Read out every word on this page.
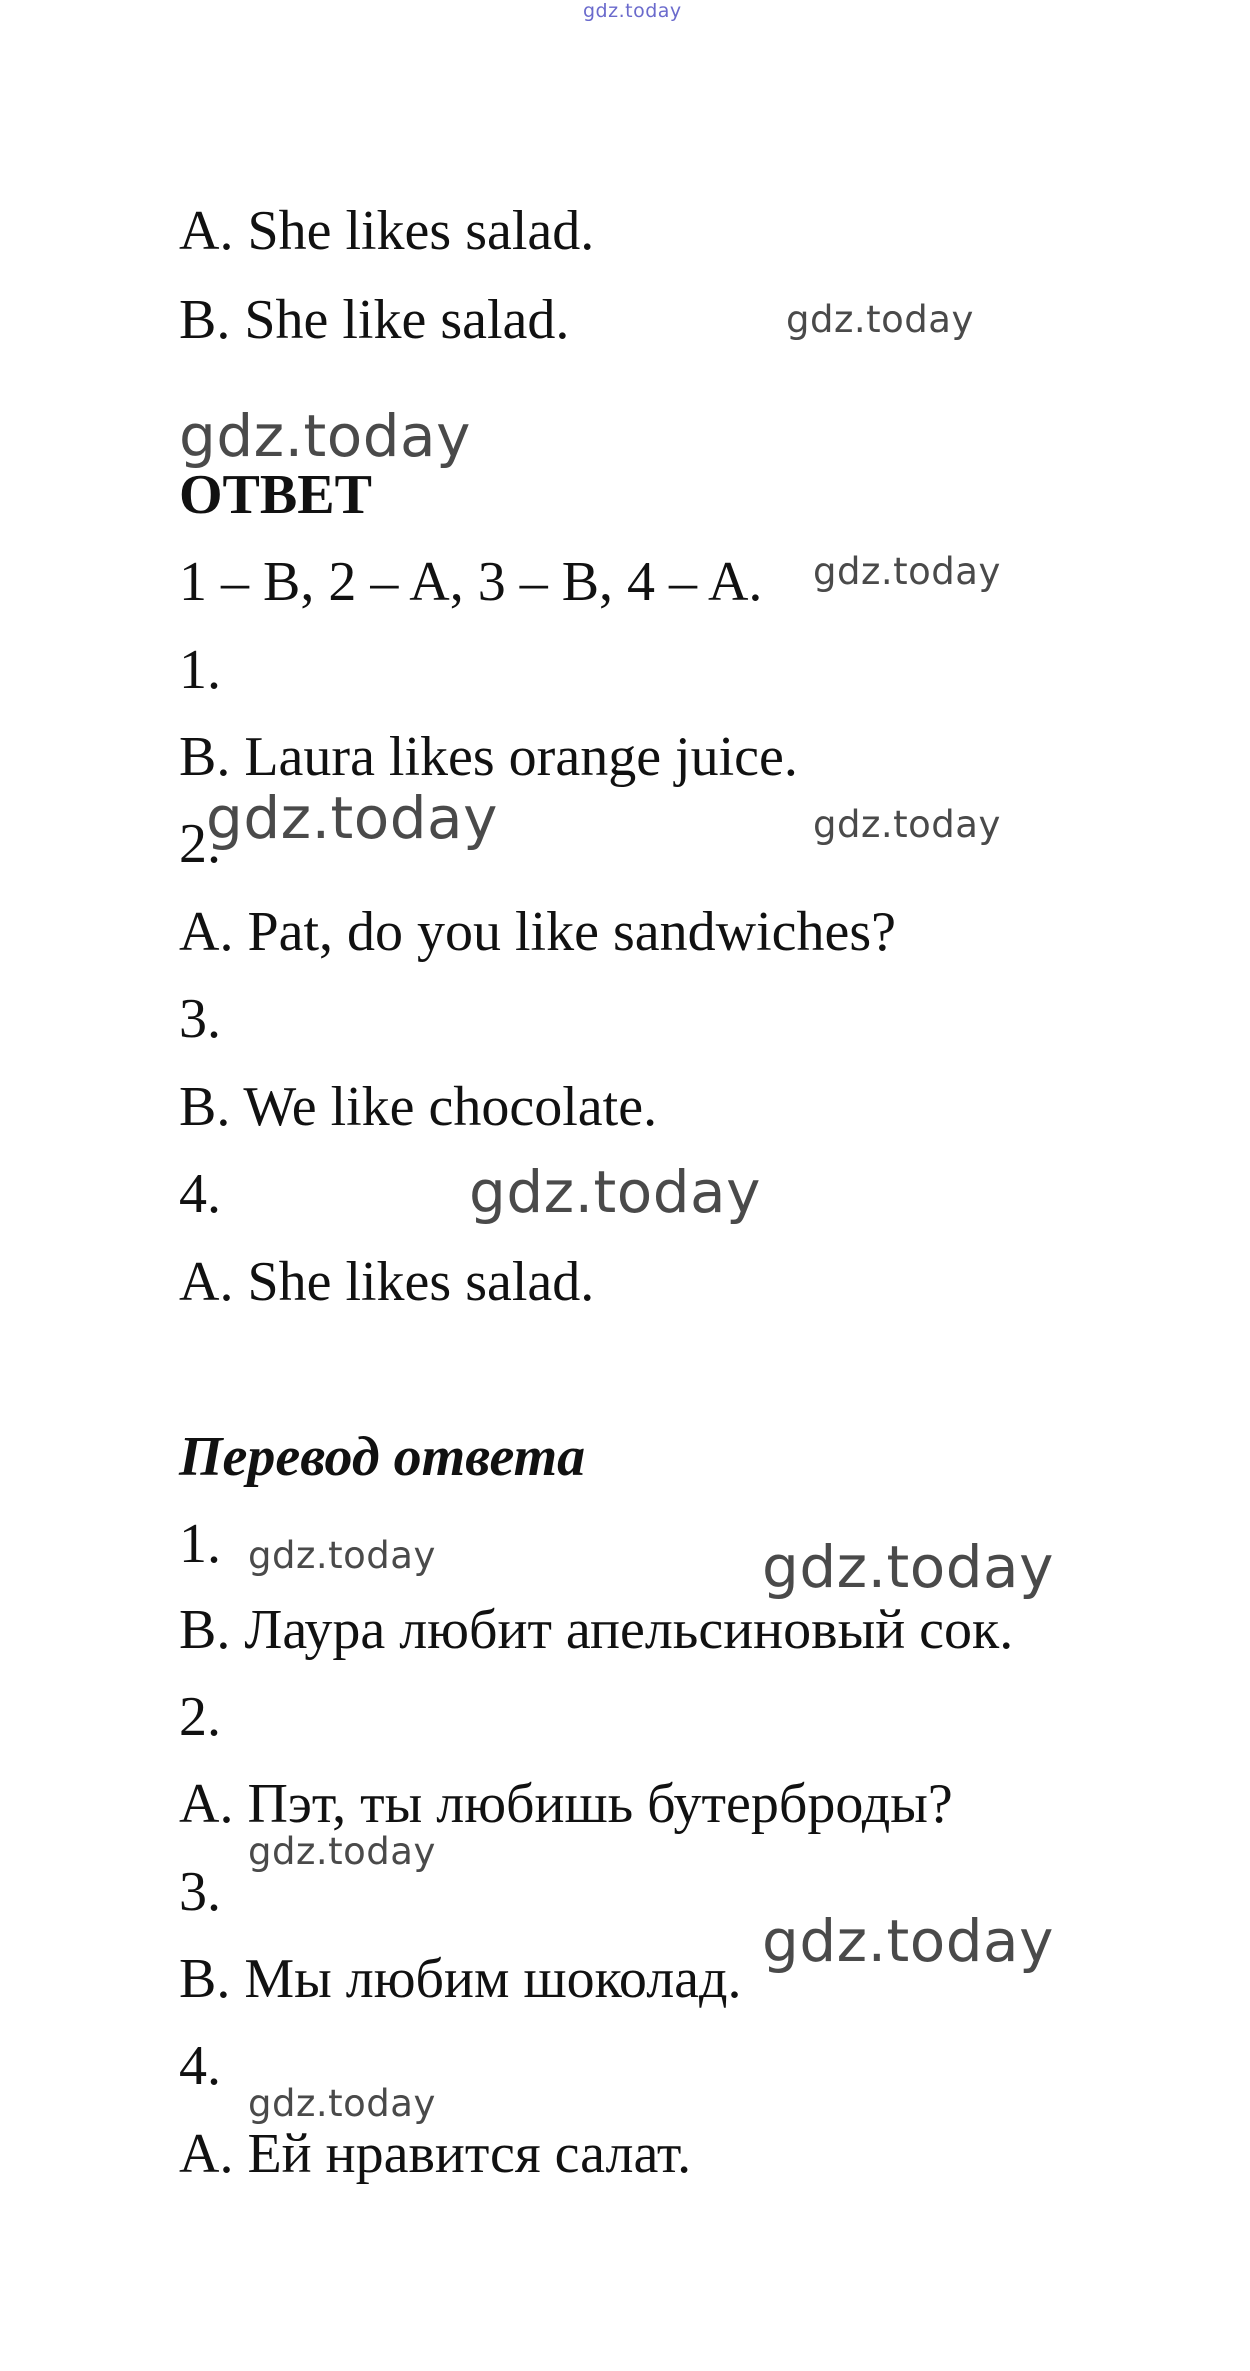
gdz.today
A. She likes salad.
B. She like salad.
ОТВЕТ
1 – B, 2 – A, 3 – B, 4 – A.
1.
B. Laura likes orange juice.
2.
A. Pat, do you like sandwiches?
3.
B. We like chocolate.
4.
A. She likes salad.
Перевод ответа
1.
B. Лаура любит апельсиновый сок.
2.
A. Пэт, ты любишь бутерброды?
3.
B. Мы любим шоколад.
4.
A. Ей нравится салат.
gdz.today
gdz.today
gdz.today
gdz.today	gdz.today
gdz.today
gdz.today	gdz.today
gdz.today
gdz.today
gdz.today
